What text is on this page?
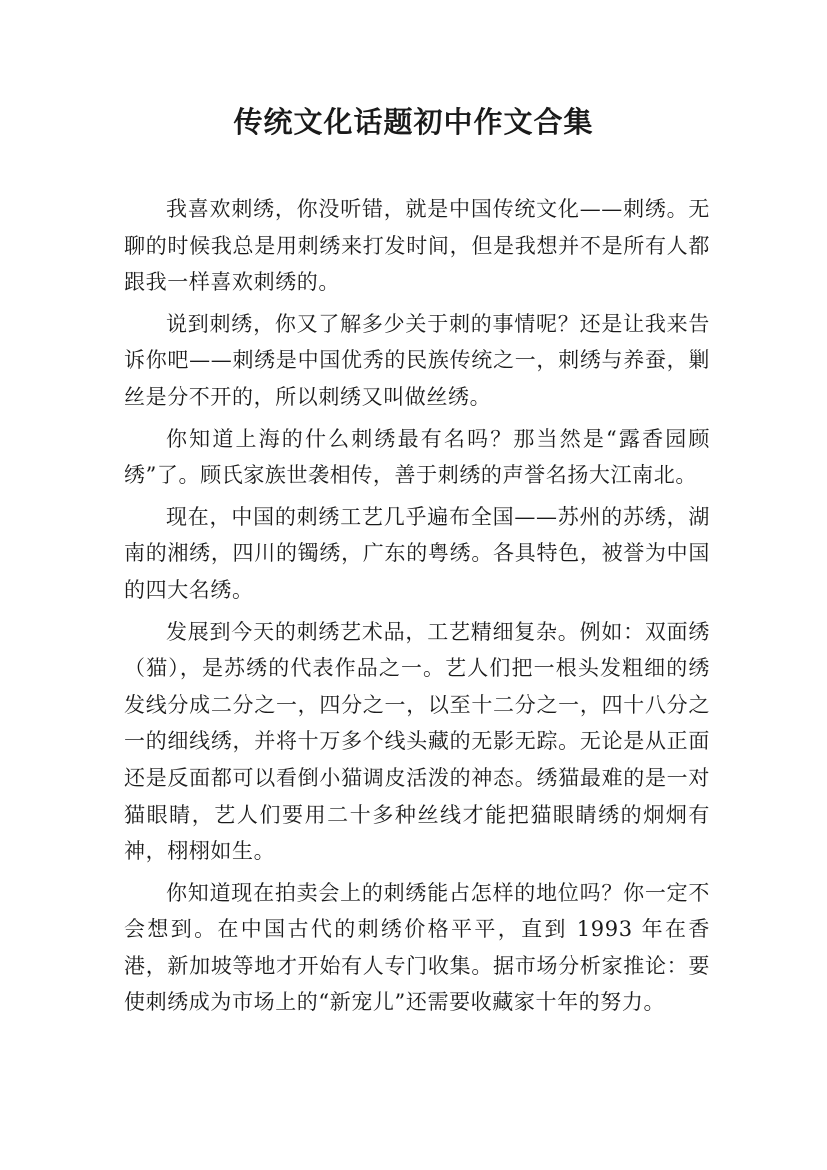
传统文化话题初中作文合集

我喜欢刺绣，你没听错，就是中国传统文化——刺绣。无聊的时候我总是用刺绣来打发时间，但是我想并不是所有人都跟我一样喜欢刺绣的。

说到刺绣，你又了解多少关于刺的事情呢？还是让我来告诉你吧——刺绣是中国优秀的民族传统之一，刺绣与养蚕，剿丝是分不开的，所以刺绣又叫做丝绣。

你知道上海的什么刺绣最有名吗？那当然是“露香园顾绣”了。顾氏家族世袭相传，善于刺绣的声誉名扬大江南北。

现在，中国的刺绣工艺几乎遍布全国——苏州的苏绣，湖南的湘绣，四川的镯绣，广东的粤绣。各具特色，被誉为中国的四大名绣。

发展到今天的刺绣艺术品，工艺精细复杂。例如：双面绣（猫），是苏绣的代表作品之一。艺人们把一根头发粗细的绣发线分成二分之一，四分之一，以至十二分之一，四十八分之一的细线绣，并将十万多个线头藏的无影无踪。无论是从正面还是反面都可以看倒小猫调皮活泼的神态。绣猫最难的是一对猫眼睛，艺人们要用二十多种丝线才能把猫眼睛绣的炯炯有神，栩栩如生。

你知道现在拍卖会上的刺绣能占怎样的地位吗？你一定不会想到。在中国古代的刺绣价格平平，直到 1993 年在香港，新加坡等地才开始有人专门收集。据市场分析家推论：要使刺绣成为市场上的“新宠儿”还需要收藏家十年的努力。
